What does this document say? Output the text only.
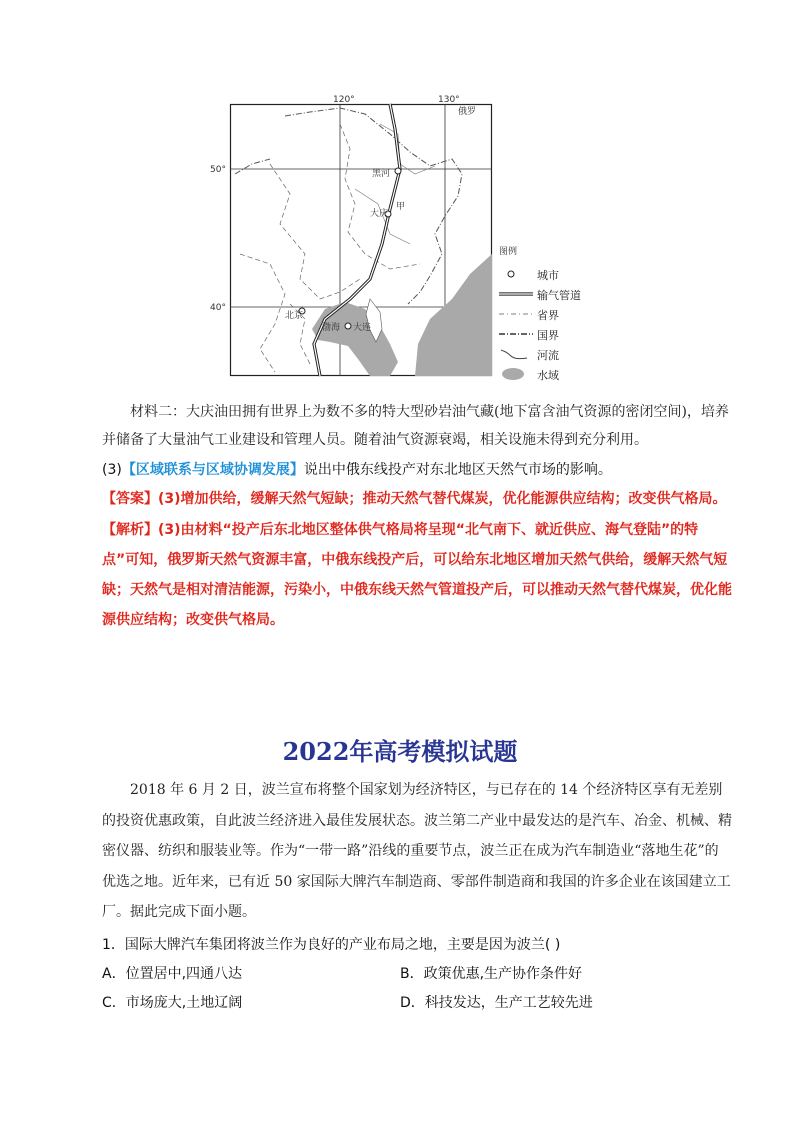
120°	130°
50°
40°
俄罗
黑河
大庆
甲
北京
渤海 大连
图例
城市
输气管道
省界
国界
河流
水域

材料二：大庆油田拥有世界上为数不多的特大型砂岩油气藏(地下富含油气资源的密闭空间)，培养并储备了大量油气工业建设和管理人员。随着油气资源衰竭，相关设施未得到充分利用。

(3)【区域联系与区域协调发展】说出中俄东线投产对东北地区天然气市场的影响。

【答案】(3)增加供给，缓解天然气短缺；推动天然气替代煤炭，优化能源供应结构；改变供气格局。

【解析】(3)由材料“投产后东北地区整体供气格局将呈现“北气南下、就近供应、海气登陆”的特点”可知，俄罗斯天然气资源丰富，中俄东线投产后，可以给东北地区增加天然气供给，缓解天然气短缺；天然气是相对清洁能源，污染小，中俄东线天然气管道投产后，可以推动天然气替代煤炭，优化能源供应结构；改变供气格局。

2022年高考模拟试题

2018 年 6 月 2 日，波兰宣布将整个国家划为经济特区，与已存在的 14 个经济特区享有无差别的投资优惠政策，自此波兰经济进入最佳发展状态。波兰第二产业中最发达的是汽车、冶金、机械、精密仪器、纺织和服装业等。作为“一带一路”沿线的重要节点，波兰正在成为汽车制造业“落地生花”的优选之地。近年来，已有近 50 家国际大牌汽车制造商、零部件制造商和我国的许多企业在该国建立工厂。据此完成下面小题。

1．国际大牌汽车集团将波兰作为良好的产业布局之地，主要是因为波兰( )
A．位置居中,四通八达	B．政策优惠,生产协作条件好
C．市场庞大,土地辽阔	D．科技发达，生产工艺较先进
